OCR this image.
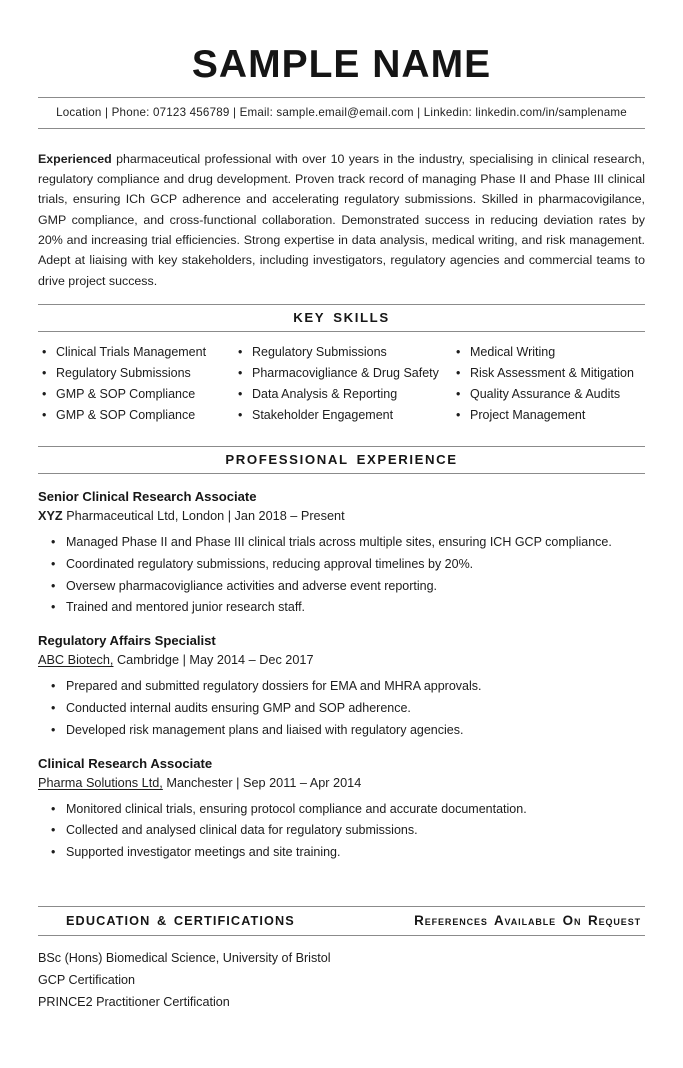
SAMPLE NAME
Location | Phone: 07123 456789 | Email: sample.email@email.com | Linkedin: linkedin.com/in/samplename

Experienced pharmaceutical professional with over 10 years in the industry, specialising in clinical research, regulatory compliance and drug development. Proven track record of managing Phase II and Phase III clinical trials, ensuring ICh GCP adherence and accelerating regulatory submissions. Skilled in pharmacovigilance, GMP compliance, and cross-functional collaboration. Demonstrated success in reducing deviation rates by 20% and increasing trial efficiencies. Strong expertise in data analysis, medical writing, and risk management. Adept at liaising with key stakeholders, including investigators, regulatory agencies and commercial teams to drive project success.

KEY SKILLS
• Clinical Trials Management
• Regulatory Submissions
• GMP & SOP Compliance
• GMP & SOP Compliance
• Regulatory Submissions
• Pharmacovigliance & Drug Safety
• Data Analysis & Reporting
• Stakeholder Engagement
• Medical Writing
• Risk Assessment & Mitigation
• Quality Assurance & Audits
• Project Management
PROFESSIONAL EXPERIENCE
Senior Clinical Research Associate

XYZ Pharmaceutical Ltd, London | Jan 2018 – Present

• Managed Phase II and Phase III clinical trials across multiple sites, ensuring ICH GCP compliance.
• Coordinated regulatory submissions, reducing approval timelines by 20%.
• Oversew pharmacovigliance activities and adverse event reporting.
• Trained and mentored junior research staff.
Regulatory Affairs Specialist

ABC Biotech, Cambridge | May 2014 – Dec 2017

• Prepared and submitted regulatory dossiers for EMA and MHRA approvals.
• Conducted internal audits ensuring GMP and SOP adherence.
• Developed risk management plans and liaised with regulatory agencies.
Clinical Research Associate

Pharma Solutions Ltd, Manchester | Sep 2011 – Apr 2014

• Monitored clinical trials, ensuring protocol compliance and accurate documentation.
• Collected and analysed clinical data for regulatory submissions.
• Supported investigator meetings and site training.
EDUCATION & CERTIFICATIONS	References Available On Request
BSc (Hons) Biomedical Science, University of Bristol
GCP Certification
PRINCE2 Practitioner Certification
